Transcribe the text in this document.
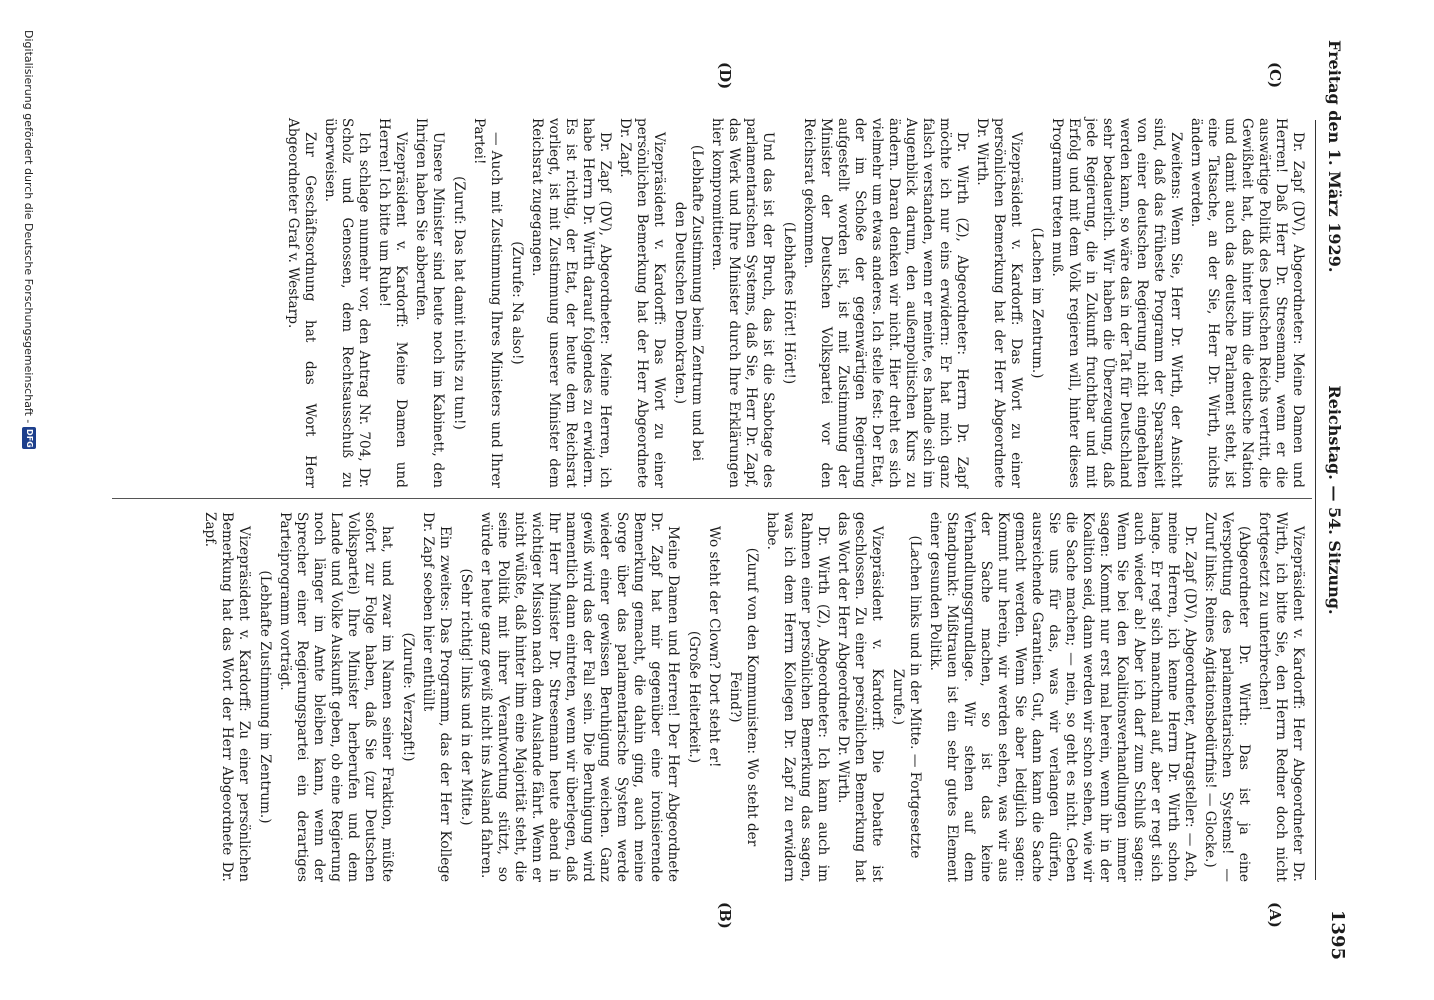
Freitag den 1. März 1929.
Reichstag. — 54. Sitzung.
1395
(C)
(D)
(A)
(B)

Dr. Zapf (DV), Abgeordneter: Meine Damen und Herren! Daß Herr Dr. Stresemann, wenn er die auswärtige Politik des Deutschen Reichs vertritt, die Gewißheit hat, daß hinter ihm die deutsche Nation und damit auch das deutsche Parlament steht, ist eine Tatsache, an der Sie, Herr Dr. Wirth, nichts ändern werden.

Zweitens: Wenn Sie, Herr Dr. Wirth, der Ansicht sind, daß das früheste Programm der Sparsamkeit von einer deutschen Regierung nicht eingehalten werden kann, so wäre das in der Tat für Deutschland sehr bedauerlich. Wir haben die Überzeugung, daß jede Regierung, die in Zukunft fruchtbar und mit Erfolg und mit dem Volk regieren will, hinter dieses Programm treten muß.

(Lachen im Zentrum.)

Vizepräsident v. Kardorff: Das Wort zu einer persönlichen Bemerkung hat der Herr Abgeordnete Dr. Wirth.

Dr. Wirth (Z), Abgeordneter: Herrn Dr. Zapf möchte ich nur eins erwidern: Er hat mich ganz falsch verstanden, wenn er meinte, es handle sich im Augenblick darum, den außenpolitischen Kurs zu ändern. Daran denken wir nicht. Hier dreht es sich vielmehr um etwas anderes. Ich stelle fest: Der Etat, der im Schoße der gegenwärtigen Regierung aufgestellt worden ist, ist mit Zustimmung der Minister der Deutschen Volkspartei vor den Reichsrat gekommen.

(Lebhaftes Hört! Hört!)

Und das ist der Bruch, das ist die Sabotage des parlamentarischen Systems, daß Sie, Herr Dr. Zapf, das Werk und Ihre Minister durch Ihre Erklärungen hier kompromittieren.

(Lebhafte Zustimmung beim Zentrum und bei den Deutschen Demokraten.)

Vizepräsident v. Kardorff: Das Wort zu einer persönlichen Bemerkung hat der Herr Abgeordnete Dr. Zapf.

Dr. Zapf (DV), Abgeordneter: Meine Herren, ich habe Herrn Dr. Wirth darauf folgendes zu erwidern. Es ist richtig, der Etat, der heute dem Reichsrat vorliegt, ist mit Zustimmung unserer Minister dem Reichsrat zugegangen.

(Zurufe: Na also!)

— Auch mit Zustimmung Ihres Ministers und Ihrer Partei!

(Zuruf: Das hat damit nichts zu tun!)

Unsere Minister sind heute noch im Kabinett, den Ihrigen haben Sie abberufen.

Vizepräsident v. Kardorff: Meine Damen und Herren! Ich bitte um Ruhe!

Ich schlage nunmehr vor, den Antrag Nr. 704, Dr. Scholz und Genossen, dem Rechtsausschuß zu überweisen.

Zur Geschäftsordnung hat das Wort Herr Abgeordneter Graf v. Westarp.

Vizepräsident v. Kardorff: Herr Abgeordneter Dr. Wirth, ich bitte Sie, den Herrn Redner doch nicht fortgesetzt zu unterbrechen!

(Abgeordneter Dr. Wirth: Das ist ja eine Verspottung des parlamentarischen Systems! — Zuruf links: Reines Agitationsbedürfnis! — Glocke.)

Dr. Zapf (DV), Abgeordneter, Antragsteller: — Ach, meine Herren, ich kenne Herrn Dr. Wirth schon lange. Er regt sich manchmal auf, aber er regt sich auch wieder ab! Aber ich darf zum Schluß sagen: Wenn Sie bei den Koalitionsverhandlungen immer sagen: Kommt nur erst mal herein, wenn ihr in der Koalition seid, dann werden wir schon sehen, wie wir die Sache machen; — nein, so geht es nicht. Geben Sie uns für das, was wir verlangen dürfen, ausreichende Garantien. Gut, dann kann die Sache gemacht werden. Wenn Sie aber lediglich sagen: Kommt nur herein, wir werden sehen, was wir aus der Sache machen, so ist das keine Verhandlungsgrundlage. Wir stehen auf dem Standpunkt: Mißtrauen ist ein sehr gutes Element einer gesunden Politik.

(Lachen links und in der Mitte. — Fortgesetzte Zurufe.)

Vizepräsident v. Kardorff: Die Debatte ist geschlossen. Zu einer persönlichen Bemerkung hat das Wort der Herr Abgeordnete Dr. Wirth.

Dr. Wirth (Z), Abgeordneter: Ich kann auch im Rahmen einer persönlichen Bemerkung das sagen, was ich dem Herrn Kollegen Dr. Zapf zu erwidern habe.

(Zuruf von den Kommunisten: Wo steht der Feind?)

Wo steht der Clown? Dort steht er!

(Große Heiterkeit.)

Meine Damen und Herren! Der Herr Abgeordnete Dr. Zapf hat mir gegenüber eine ironisierende Bemerkung gemacht, die dahin ging, auch meine Sorge über das parlamentarische System werde wieder einer gewissen Beruhigung weichen. Ganz gewiß wird das der Fall sein. Die Beruhigung wird namentlich dann eintreten, wenn wir überlegen, daß Ihr Herr Minister Dr. Stresemann heute abend in wichtiger Mission nach dem Auslande fährt. Wenn er nicht wüßte, daß hinter ihm eine Majorität steht, die seine Politik mit ihrer Verantwortung stützt, so würde er heute ganz gewiß nicht ins Ausland fahren.

(Sehr richtig! links und in der Mitte.)

Ein zweites: Das Programm, das der Herr Kollege Dr. Zapf soeben hier enthüllt

(Zurufe: Verzapft!)

hat, und zwar im Namen seiner Fraktion, müßte sofort zur Folge haben, daß Sie (zur Deutschen Volkspartei) Ihre Minister herberufen und dem Lande und Volke Auskunft geben, ob eine Regierung noch länger im Amte bleiben kann, wenn der Sprecher einer Regierungspartei ein derartiges Parteiprogramm vorträgt.

(Lebhafte Zustimmung im Zentrum.)

Vizepräsident v. Kardorff: Zu einer persönlichen Bemerkung hat das Wort der Herr Abgeordnete Dr. Zapf.

Digitalisierung gefördert durch die Deutsche Forschungsgemeinschaft -
DFG
